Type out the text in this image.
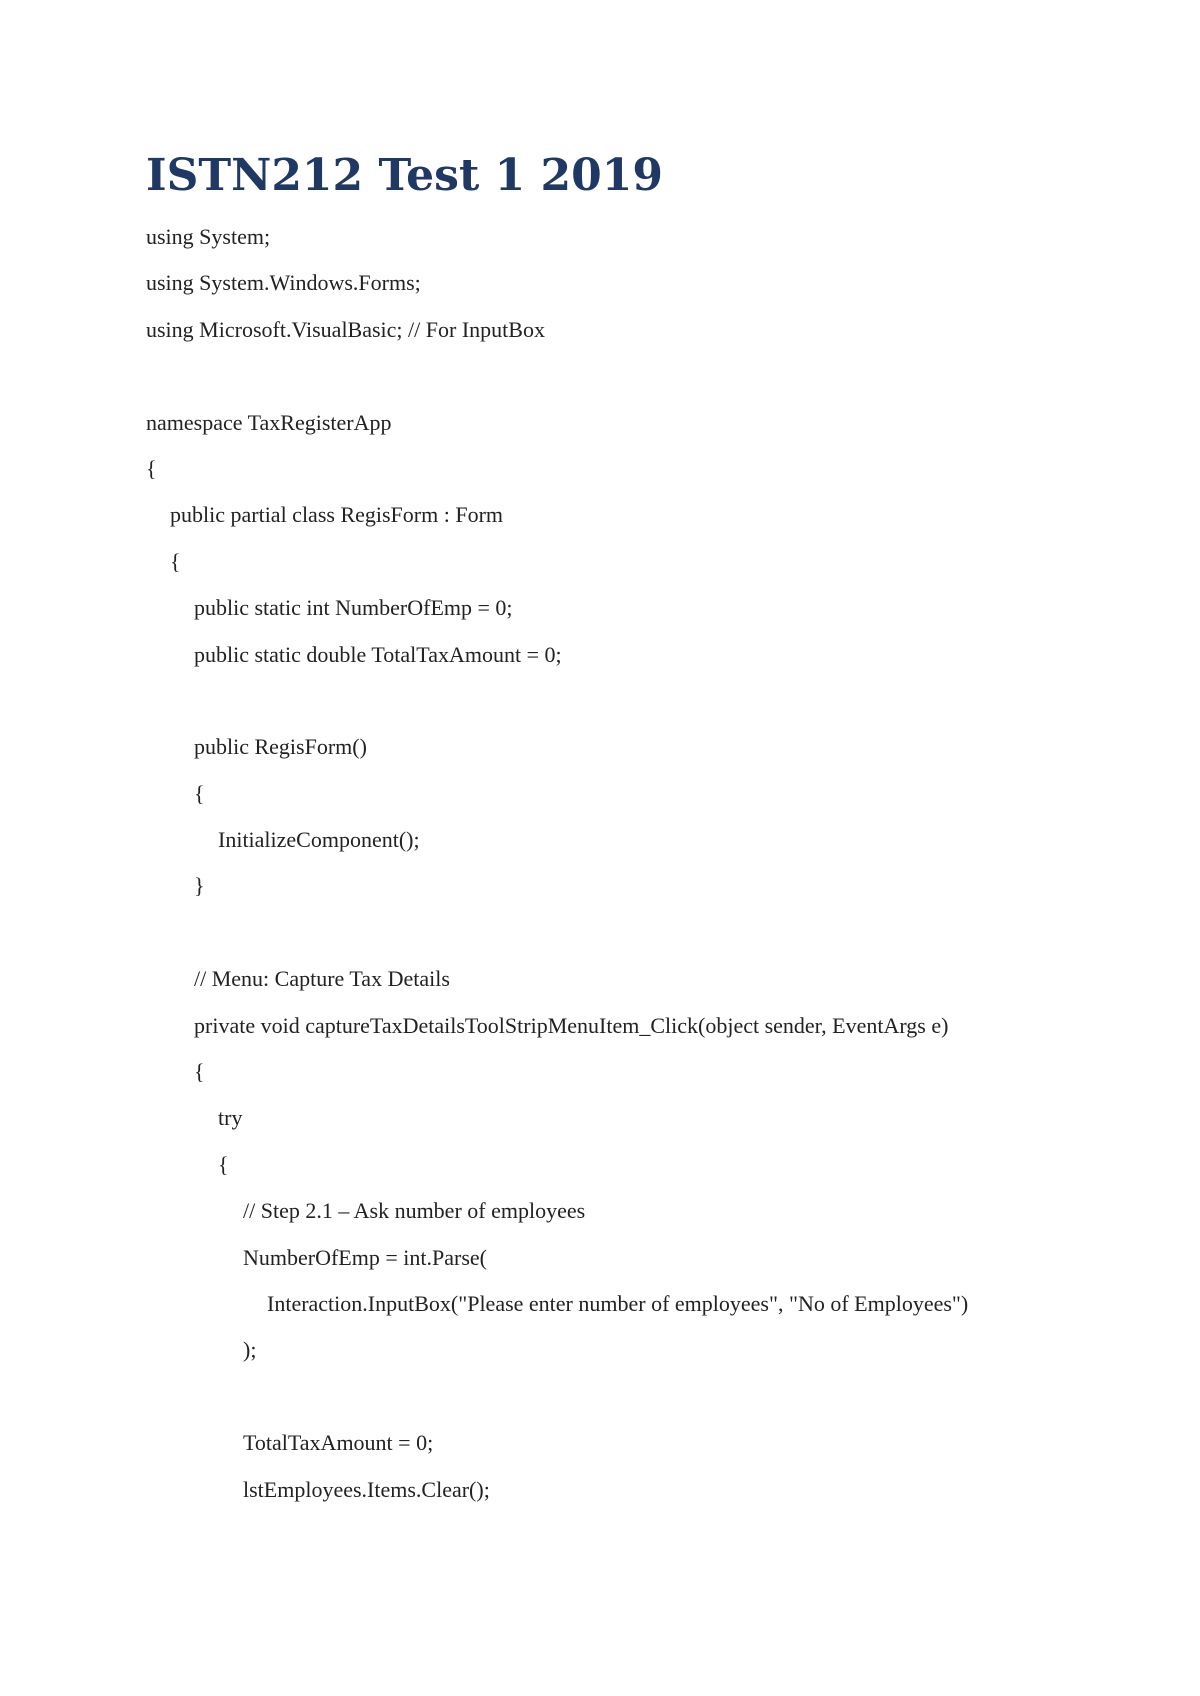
ISTN212 Test 1 2019
using System;
using System.Windows.Forms;
using Microsoft.VisualBasic; // For InputBox
namespace TaxRegisterApp
{
public partial class RegisForm : Form
{
public static int NumberOfEmp = 0;
public static double TotalTaxAmount = 0;
public RegisForm()
{
InitializeComponent();
}
// Menu: Capture Tax Details
private void captureTaxDetailsToolStripMenuItem_Click(object sender, EventArgs e)
{
try
{
// Step 2.1 – Ask number of employees
NumberOfEmp = int.Parse(
Interaction.InputBox("Please enter number of employees", "No of Employees")
);
TotalTaxAmount = 0;
lstEmployees.Items.Clear();
